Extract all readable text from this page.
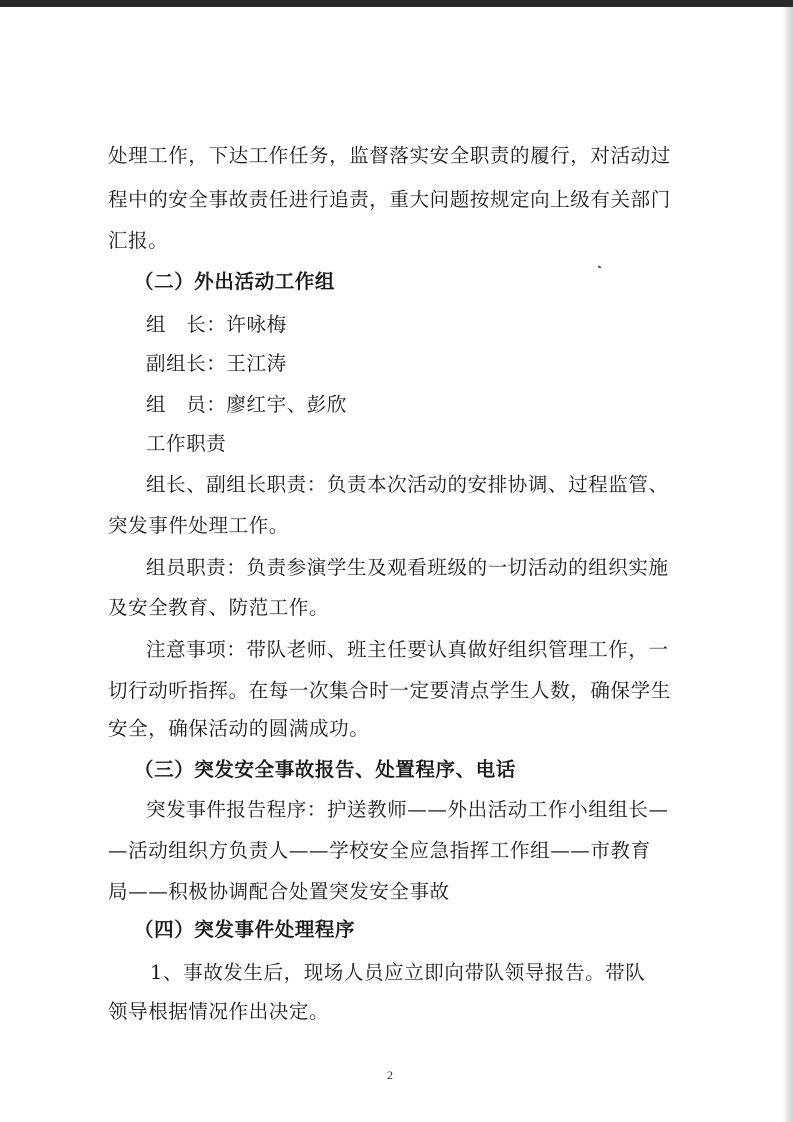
处理工作，下达工作任务，监督落实安全职责的履行，对活动过
程中的安全事故责任进行追责，重大问题按规定向上级有关部门
汇报。
（二）外出活动工作组
组　长：许咏梅
副组长：王江涛
组　员：廖红宇、彭欣
工作职责
组长、副组长职责：负责本次活动的安排协调、过程监管、
突发事件处理工作。
组员职责：负责参演学生及观看班级的一切活动的组织实施
及安全教育、防范工作。
注意事项：带队老师、班主任要认真做好组织管理工作，一
切行动听指挥。在每一次集合时一定要清点学生人数，确保学生
安全，确保活动的圆满成功。
（三）突发安全事故报告、处置程序、电话
突发事件报告程序：护送教师——外出活动工作小组组长—
—活动组织方负责人——学校安全应急指挥工作组——市教育
局——积极协调配合处置突发安全事故
（四）突发事件处理程序
1、事故发生后，现场人员应立即向带队领导报告。带队
领导根据情况作出决定。
2
